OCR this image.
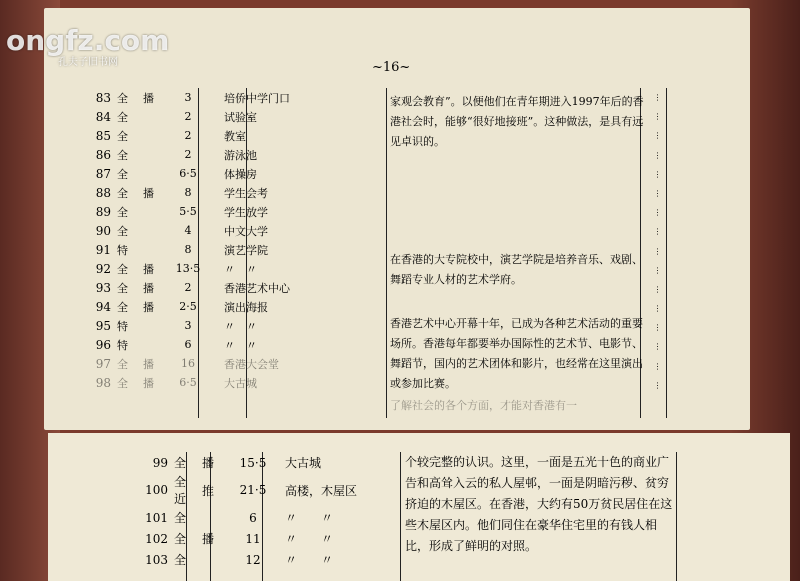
ongfz.com
孔夫子旧书网	~16~
83	全	播	3	培侨中学门口
84	全		2	试验室
85	全		2	教室
86	全		2	游泳池
87	全		6·5	体操房
88	全	播	8	学生会考
89	全		5·5	学生放学
90	全		4	中文大学
91	特		8	演艺学院
92	全	播	13·5	〃　〃
93	全	播	2	香港艺术中心
94	全	播	2·5	演出海报
95	特		3	〃　〃
96	特		6	〃　〃
97	全	播	16	香港大会堂
98	全	播	6·5	大古城
⋮
⋮
⋮
⋮
⋮
⋮
⋮
⋮
⋮
⋮
⋮
⋮
⋮
⋮
⋮
⋮
家观会教育”。以便他们在青年期进入1997年后的香港社会时，能够“很好地接班”。这种做法，是具有远见卓识的。
在香港的大专院校中，演艺学院是培养音乐、戏剧、舞蹈专业人材的艺术学府。
香港艺术中心开幕十年，已成为各种艺术活动的重要场所。香港每年都要举办国际性的艺术节、电影节、舞蹈节，国内的艺术团体和影片，也经常在这里演出或参加比赛。
了解社会的各个方面，才能对香港有一
99	全	播	15·5	大古城
100	全近	推	21·5	高楼，木屋区
101	全		6	〃　　〃
102	全	播	11	〃　　〃
103	全		12	〃　　〃
个较完整的认识。这里，一面是五光十色的商业广告和高耸入云的私人屋邨，一面是阴暗污秽、贫穷挤迫的木屋区。在香港，大约有50万贫民居住在这些木屋区内。他们同住在豪华住宅里的有钱人相比，形成了鲜明的对照。
